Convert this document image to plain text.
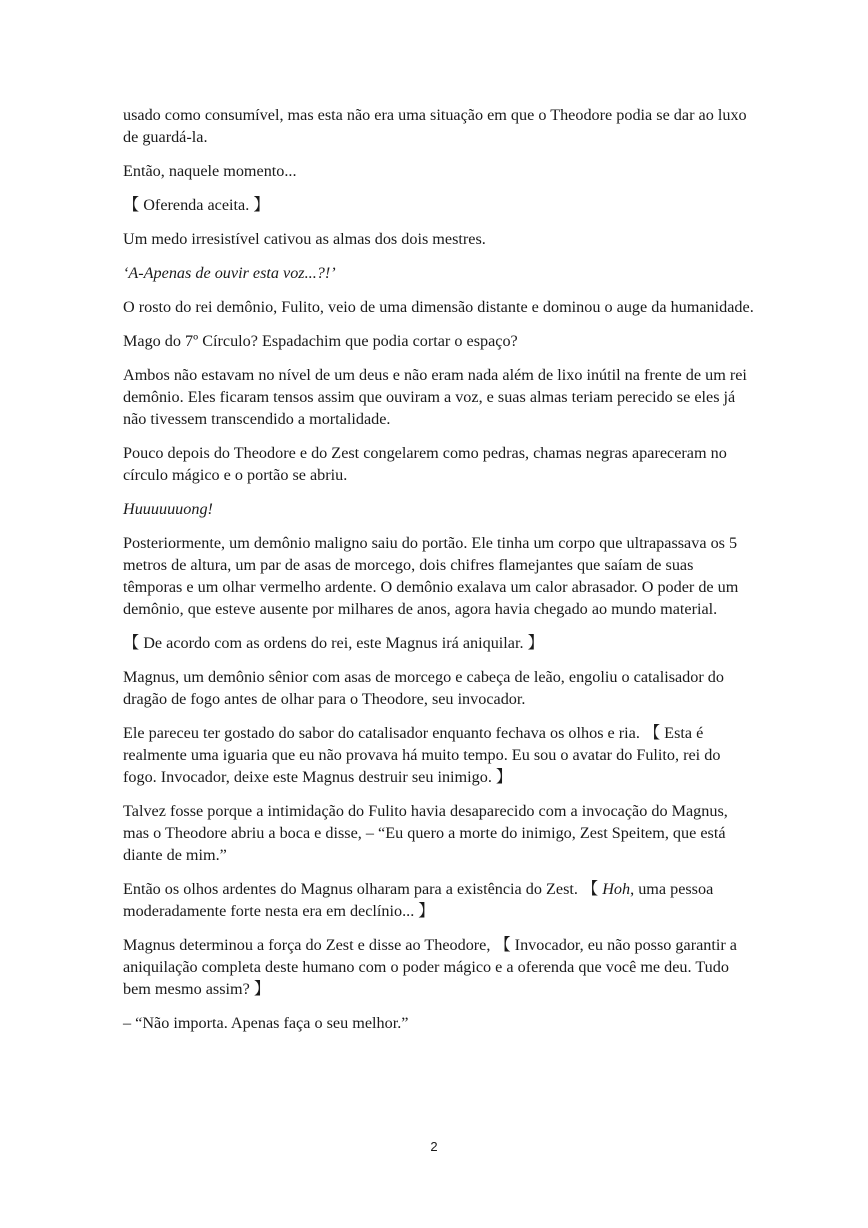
usado como consumível, mas esta não era uma situação em que o Theodore podia se dar ao luxo de guardá-la.

Então, naquele momento...

【 Oferenda aceita. 】

Um medo irresistível cativou as almas dos dois mestres.

‘A-Apenas de ouvir esta voz...?!’

O rosto do rei demônio, Fulito, veio de uma dimensão distante e dominou o auge da humanidade.

Mago do 7º Círculo? Espadachim que podia cortar o espaço?

Ambos não estavam no nível de um deus e não eram nada além de lixo inútil na frente de um rei demônio. Eles ficaram tensos assim que ouviram a voz, e suas almas teriam perecido se eles já não tivessem transcendido a mortalidade.

Pouco depois do Theodore e do Zest congelarem como pedras, chamas negras apareceram no círculo mágico e o portão se abriu.

Huuuuuuong!

Posteriormente, um demônio maligno saiu do portão. Ele tinha um corpo que ultrapassava os 5 metros de altura, um par de asas de morcego, dois chifres flamejantes que saíam de suas têmporas e um olhar vermelho ardente. O demônio exalava um calor abrasador. O poder de um demônio, que esteve ausente por milhares de anos, agora havia chegado ao mundo material.

【 De acordo com as ordens do rei, este Magnus irá aniquilar. 】

Magnus, um demônio sênior com asas de morcego e cabeça de leão, engoliu o catalisador do dragão de fogo antes de olhar para o Theodore, seu invocador.

Ele pareceu ter gostado do sabor do catalisador enquanto fechava os olhos e ria. 【 Esta é realmente uma iguaria que eu não provava há muito tempo. Eu sou o avatar do Fulito, rei do fogo. Invocador, deixe este Magnus destruir seu inimigo. 】

Talvez fosse porque a intimidação do Fulito havia desaparecido com a invocação do Magnus, mas o Theodore abriu a boca e disse, – “Eu quero a morte do inimigo, Zest Speitem, que está diante de mim.”

Então os olhos ardentes do Magnus olharam para a existência do Zest. 【 Hoh, uma pessoa moderadamente forte nesta era em declínio... 】

Magnus determinou a força do Zest e disse ao Theodore, 【 Invocador, eu não posso garantir a aniquilação completa deste humano com o poder mágico e a oferenda que você me deu. Tudo bem mesmo assim? 】

– “Não importa. Apenas faça o seu melhor.”

2
